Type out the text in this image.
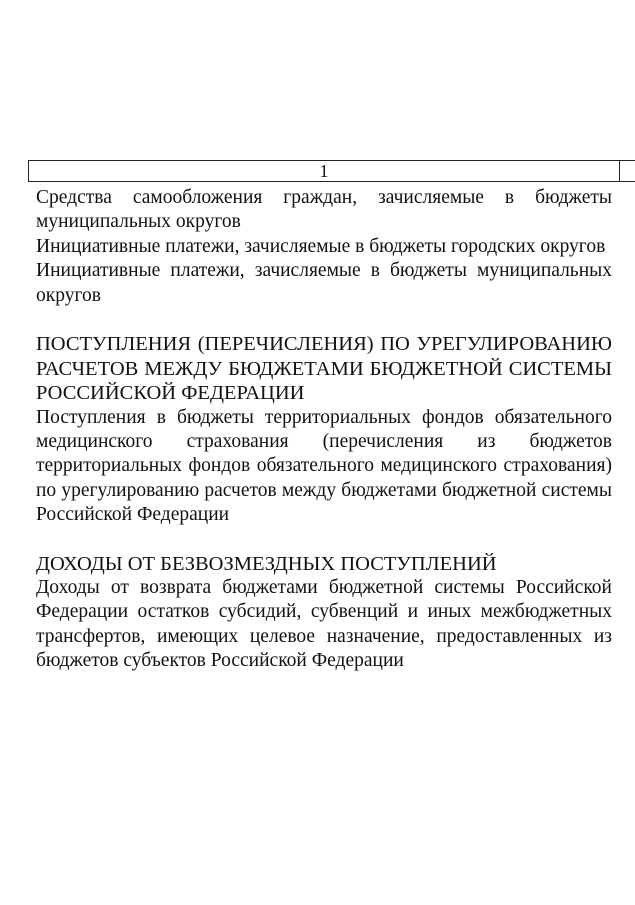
1

Средства самообложения граждан, зачисляемые в бюджеты муниципальных округов

Инициативные платежи, зачисляемые в бюджеты городских округов

Инициативные платежи, зачисляемые в бюджеты муниципальных округов

ПОСТУПЛЕНИЯ (ПЕРЕЧИСЛЕНИЯ) ПО УРЕГУЛИРОВАНИЮ РАСЧЕТОВ МЕЖДУ БЮДЖЕТАМИ БЮДЖЕТНОЙ СИСТЕМЫ РОССИЙСКОЙ ФЕДЕРАЦИИ

Поступления в бюджеты территориальных фондов обязательного медицинского страхования (перечисления из бюджетов территориальных фондов обязательного медицинского страхования) по урегулированию расчетов между бюджетами бюджетной системы Российской Федерации

ДОХОДЫ ОТ БЕЗВОЗМЕЗДНЫХ ПОСТУПЛЕНИЙ

Доходы от возврата бюджетами бюджетной системы Российской Федерации остатков субсидий, субвенций и иных межбюджетных трансфертов, имеющих целевое назначение, предоставленных из бюджетов субъектов Российской Федерации
